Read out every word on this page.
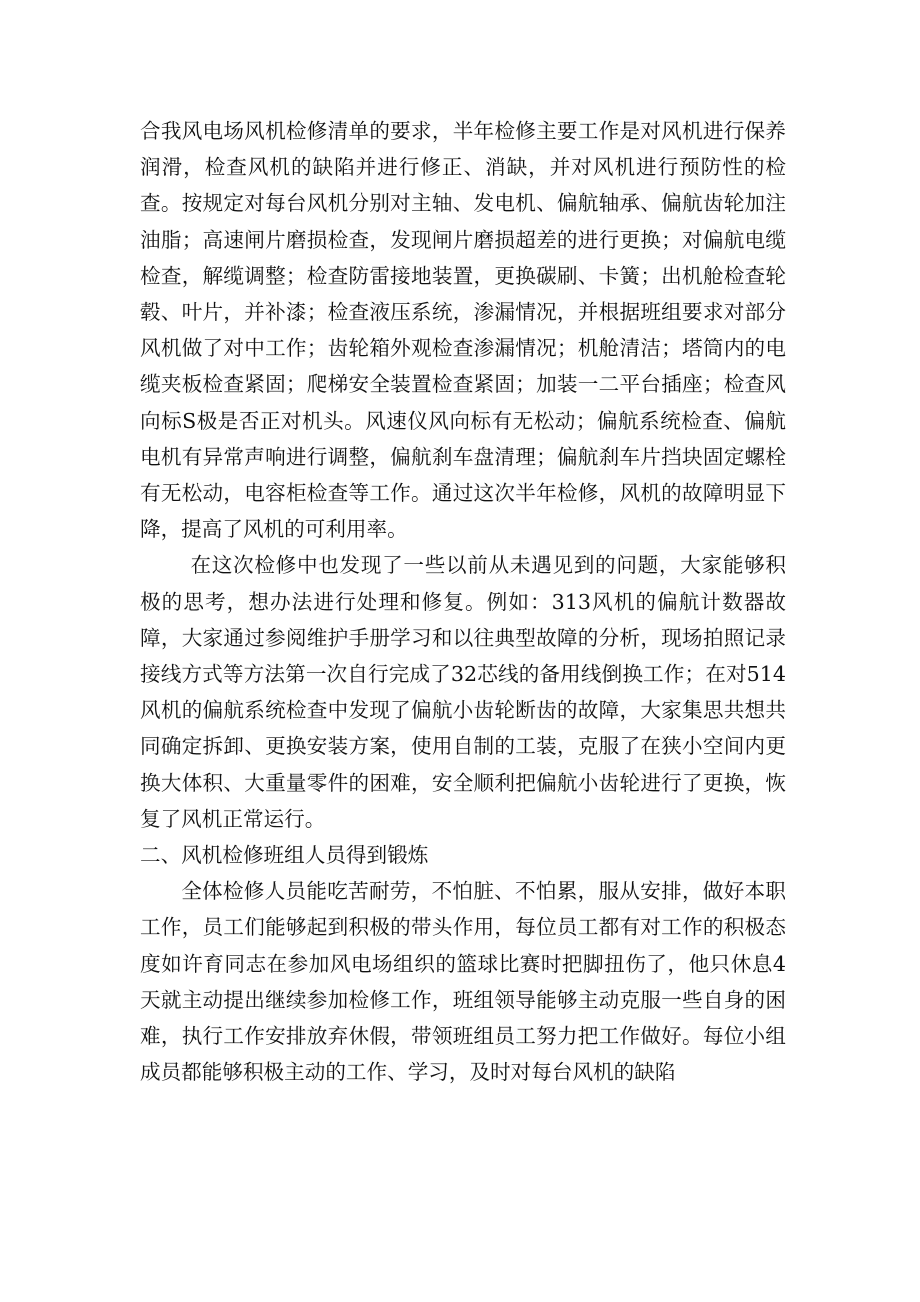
合我风电场风机检修清单的要求，半年检修主要工作是对风机进行保养润滑，检查风机的缺陷并进行修正、消缺，并对风机进行预防性的检查。按规定对每台风机分别对主轴、发电机、偏航轴承、偏航齿轮加注油脂；高速闸片磨损检查，发现闸片磨损超差的进行更换；对偏航电缆检查，解缆调整；检查防雷接地装置，更换碳刷、卡簧；出机舱检查轮毂、叶片，并补漆；检查液压系统，渗漏情况，并根据班组要求对部分风机做了对中工作；齿轮箱外观检查渗漏情况；机舱清洁；塔筒内的电缆夹板检查紧固；爬梯安全装置检查紧固；加装一二平台插座；检查风向标S极是否正对机头。风速仪风向标有无松动；偏航系统检查、偏航电机有异常声响进行调整，偏航刹车盘清理；偏航刹车片挡块固定螺栓有无松动，电容柜检查等工作。通过这次半年检修，风机的故障明显下降，提高了风机的可利用率。

在这次检修中也发现了一些以前从未遇见到的问题，大家能够积极的思考，想办法进行处理和修复。例如：313风机的偏航计数器故障，大家通过参阅维护手册学习和以往典型故障的分析，现场拍照记录接线方式等方法第一次自行完成了32芯线的备用线倒换工作；在对514风机的偏航系统检查中发现了偏航小齿轮断齿的故障，大家集思共想共同确定拆卸、更换安装方案，使用自制的工装，克服了在狭小空间内更换大体积、大重量零件的困难，安全顺利把偏航小齿轮进行了更换，恢复了风机正常运行。

二、风机检修班组人员得到锻炼

全体检修人员能吃苦耐劳，不怕脏、不怕累，服从安排，做好本职工作，员工们能够起到积极的带头作用，每位员工都有对工作的积极态度如许育同志在参加风电场组织的篮球比赛时把脚扭伤了，他只休息4天就主动提出继续参加检修工作，班组领导能够主动克服一些自身的困难，执行工作安排放弃休假，带领班组员工努力把工作做好。每位小组成员都能够积极主动的工作、学习，及时对每台风机的缺陷
